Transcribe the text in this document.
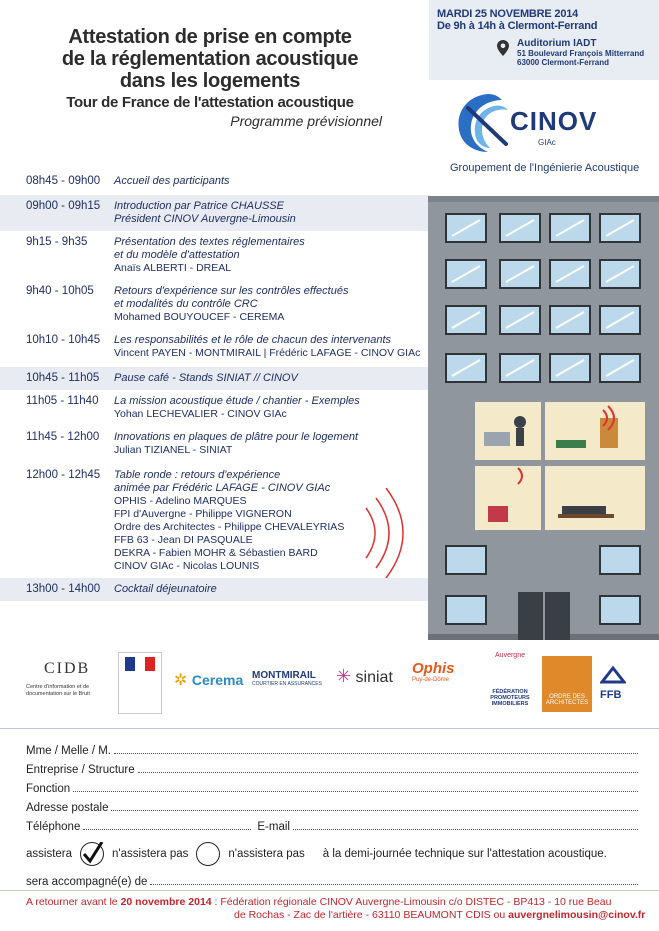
Attestation de prise en compte
de la réglementation acoustique
dans les logements
Tour de France de l'attestation acoustique
Programme prévisionnel
MARDI 25 NOVEMBRE 2014
De 9h à 14h à Clermont-Ferrand
Auditorium IADT
51 Boulevard François Mitterrand
63000 Clermont-Ferrand
CINOV
GIAc
Groupement de l'Ingénierie Acoustique
08h45 - 09h00	Accueil des participants
09h00 - 09h15	Introduction par Patrice CHAUSSE
Président CINOV Auvergne-Limousin
9h15 - 9h35	Présentation des textes réglementaires
et du modèle d'attestation
Anaïs ALBERTI - DREAL
9h40 - 10h05	Retours d'expérience sur les contrôles effectués
et modalités du contrôle CRC
Mohamed BOUYOUCEF - CEREMA
10h10 - 10h45	Les responsabilités et le rôle de chacun des intervenants
Vincent PAYEN - MONTMIRAIL | Frédéric LAFAGE - CINOV GIAc
10h45 - 11h05	Pause café - Stands SINIAT // CINOV
11h05 - 11h40	La mission acoustique étude / chantier - Exemples
Yohan LECHEVALIER - CINOV GIAc
11h45 - 12h00	Innovations en plaques de plâtre pour le logement
Julian TIZIANEL - SINIAT
12h00 - 12h45	Table ronde : retours d'expérience
animée par Frédéric LAFAGE - CINOV GIAc
OPHIS - Adelino MARQUES
FPI d'Auvergne - Philippe VIGNERON
Ordre des Architectes - Philippe CHEVALEYRIAS
FFB 63 - Jean DI PASQUALE
DEKRA - Fabien MOHR & Sébastien BARD
CINOV GIAc - Nicolas LOUNIS
13h00 - 14h00	Cocktail déjeunatoire
CIDB
Centre d'information et de documentation sur le Bruit
✲ Cerema MONTMIRAIL
COURTIER EN ASSURANCES ✳ siniat
Ophis
Puy-de-Dôme
Auvergne
FÉDÉRATION PROMOTEURS IMMOBILIERS
ORDRE DES ARCHITECTES
FFB
Mme / Melle / M.
Entreprise / Structure
Fonction
Adresse postale
Téléphone	E-mail
assistera	n'assistera pas	n'assistera pas à la demi-journée technique sur l'attestation acoustique.
sera accompagné(e) de
A retourner avant le 20 novembre 2014 : Fédération régionale CINOV Auvergne-Limousin c/o DISTEC - BP413 - 10 rue Beau
de Rochas - Zac de l'artière - 63110 BEAUMONT CDIS ou auvergnelimousin@cinov.fr
